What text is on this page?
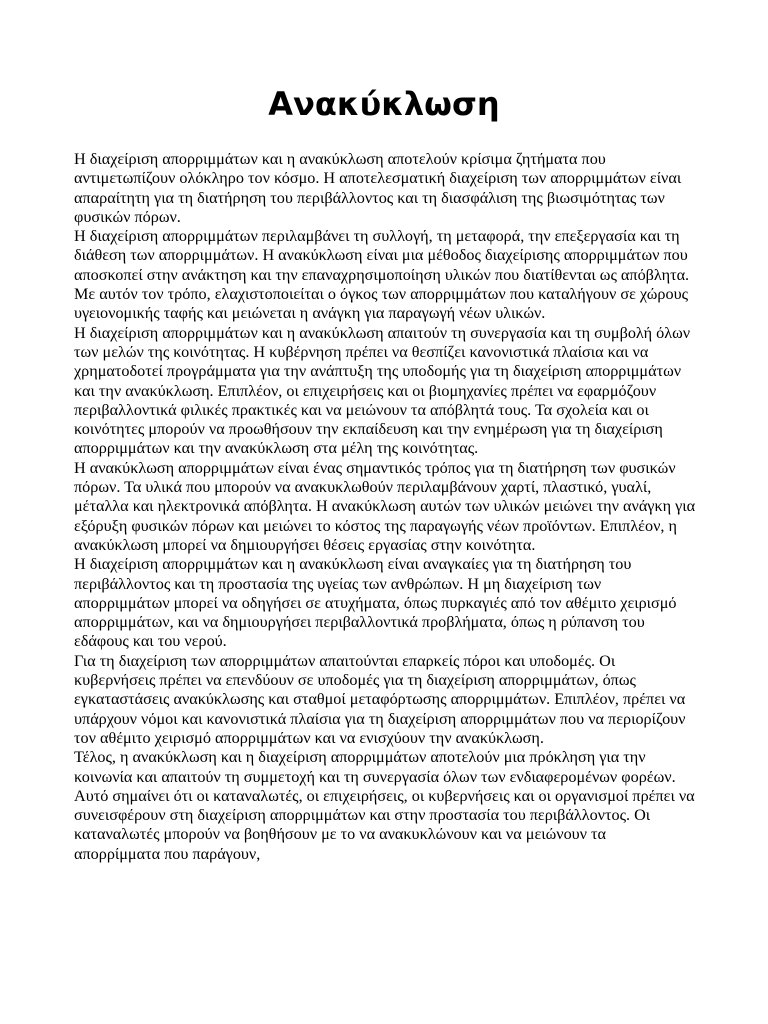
Ανακύκλωση

Η διαχείριση απορριμμάτων και η ανακύκλωση αποτελούν κρίσιμα ζητήματα που αντιμετωπίζουν ολόκληρο τον κόσμο. Η αποτελεσματική διαχείριση των απορριμμάτων είναι απαραίτητη για τη διατήρηση του περιβάλλοντος και τη διασφάλιση της βιωσιμότητας των φυσικών πόρων.

Η διαχείριση απορριμμάτων περιλαμβάνει τη συλλογή, τη μεταφορά, την επεξεργασία και τη διάθεση των απορριμμάτων. Η ανακύκλωση είναι μια μέθοδος διαχείρισης απορριμμάτων που αποσκοπεί στην ανάκτηση και την επαναχρησιμοποίηση υλικών που διατίθενται ως απόβλητα. Με αυτόν τον τρόπο, ελαχιστοποιείται ο όγκος των απορριμμάτων που καταλήγουν σε χώρους υγειονομικής ταφής και μειώνεται η ανάγκη για παραγωγή νέων υλικών.

Η διαχείριση απορριμμάτων και η ανακύκλωση απαιτούν τη συνεργασία και τη συμβολή όλων των μελών της κοινότητας. Η κυβέρνηση πρέπει να θεσπίζει κανονιστικά πλαίσια και να χρηματοδοτεί προγράμματα για την ανάπτυξη της υποδομής για τη διαχείριση απορριμμάτων και την ανακύκλωση. Επιπλέον, οι επιχειρήσεις και οι βιομηχανίες πρέπει να εφαρμόζουν περιβαλλοντικά φιλικές πρακτικές και να μειώνουν τα απόβλητά τους. Τα σχολεία και οι κοινότητες μπορούν να προωθήσουν την εκπαίδευση και την ενημέρωση για τη διαχείριση απορριμμάτων και την ανακύκλωση στα μέλη της κοινότητας.

Η ανακύκλωση απορριμμάτων είναι ένας σημαντικός τρόπος για τη διατήρηση των φυσικών πόρων. Τα υλικά που μπορούν να ανακυκλωθούν περιλαμβάνουν χαρτί, πλαστικό, γυαλί, μέταλλα και ηλεκτρονικά απόβλητα. Η ανακύκλωση αυτών των υλικών μειώνει την ανάγκη για εξόρυξη φυσικών πόρων και μειώνει το κόστος της παραγωγής νέων προϊόντων. Επιπλέον, η ανακύκλωση μπορεί να δημιουργήσει θέσεις εργασίας στην κοινότητα.

Η διαχείριση απορριμμάτων και η ανακύκλωση είναι αναγκαίες για τη διατήρηση του περιβάλλοντος και τη προστασία της υγείας των ανθρώπων. Η μη διαχείριση των απορριμμάτων μπορεί να οδηγήσει σε ατυχήματα, όπως πυρκαγιές από τον αθέμιτο χειρισμό απορριμμάτων, και να δημιουργήσει περιβαλλοντικά προβλήματα, όπως η ρύπανση του εδάφους και του νερού.

Για τη διαχείριση των απορριμμάτων απαιτούνται επαρκείς πόροι και υποδομές. Οι κυβερνήσεις πρέπει να επενδύουν σε υποδομές για τη διαχείριση απορριμμάτων, όπως εγκαταστάσεις ανακύκλωσης και σταθμοί μεταφόρτωσης απορριμμάτων. Επιπλέον, πρέπει να υπάρχουν νόμοι και κανονιστικά πλαίσια για τη διαχείριση απορριμμάτων που να περιορίζουν τον αθέμιτο χειρισμό απορριμμάτων και να ενισχύουν την ανακύκλωση.

Τέλος, η ανακύκλωση και η διαχείριση απορριμμάτων αποτελούν μια πρόκληση για την κοινωνία και απαιτούν τη συμμετοχή και τη συνεργασία όλων των ενδιαφερομένων φορέων. Αυτό σημαίνει ότι οι καταναλωτές, οι επιχειρήσεις, οι κυβερνήσεις και οι οργανισμοί πρέπει να συνεισφέρουν στη διαχείριση απορριμμάτων και στην προστασία του περιβάλλοντος. Οι καταναλωτές μπορούν να βοηθήσουν με το να ανακυκλώνουν και να μειώνουν τα απορρίμματα που παράγουν,
